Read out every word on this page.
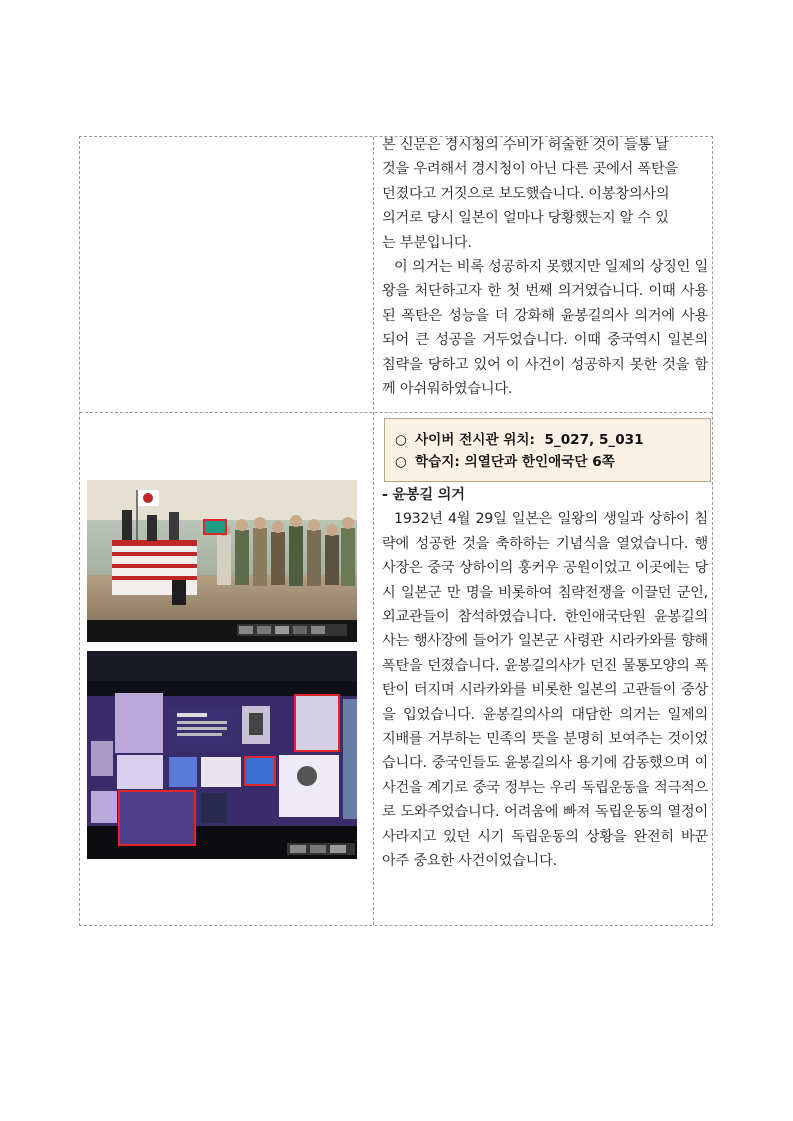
본 신문은 경시청의 수비가 허술한 것이 들통 날

것을 우려해서 경시청이 아닌 다른 곳에서 폭탄을

던졌다고 거짓으로 보도했습니다. 이봉창의사의

의거로 당시 일본이 얼마나 당황했는지 알 수 있

는 부분입니다.

이 의거는 비록 성공하지 못했지만 일제의 상징인 일왕을 처단하고자 한 첫 번째 의거였습니다. 이때 사용된 폭탄은 성능을 더 강화해 윤봉길의사 의거에 사용되어 큰 성공을 거두었습니다. 이때 중국역시 일본의 침략을 당하고 있어 이 사건이 성공하지 못한 것을 함께 아쉬워하였습니다.

○ 사이버 전시관 위치: 5_027, 5_031
○ 학습지: 의열단과 한인애국단 6쪽

- 윤봉길 의거

1932년 4월 29일 일본은 일왕의 생일과 상하이 침략에 성공한 것을 축하하는 기념식을 열었습니다. 행사장은 중국 상하이의 훙커우 공원이었고 이곳에는 당시 일본군 만 명을 비롯하여 침략전쟁을 이끌던 군인, 외교관들이 참석하였습니다. 한인애국단원 윤봉길의사는 행사장에 들어가 일본군 사령관 시라카와를 향해 폭탄을 던졌습니다. 윤봉길의사가 던진 물통모양의 폭탄이 터지며 시라카와를 비롯한 일본의 고관들이 중상을 입었습니다. 윤봉길의사의 대담한 의거는 일제의 지배를 거부하는 민족의 뜻을 분명히 보여주는 것이었습니다. 중국인들도 윤봉길의사 용기에 감동했으며 이 사건을 계기로 중국 정부는 우리 독립운동을 적극적으로 도와주었습니다. 어려움에 빠져 독립운동의 열정이 사라지고 있던 시기 독립운동의 상황을 완전히 바꾼 아주 중요한 사건이었습니다.
